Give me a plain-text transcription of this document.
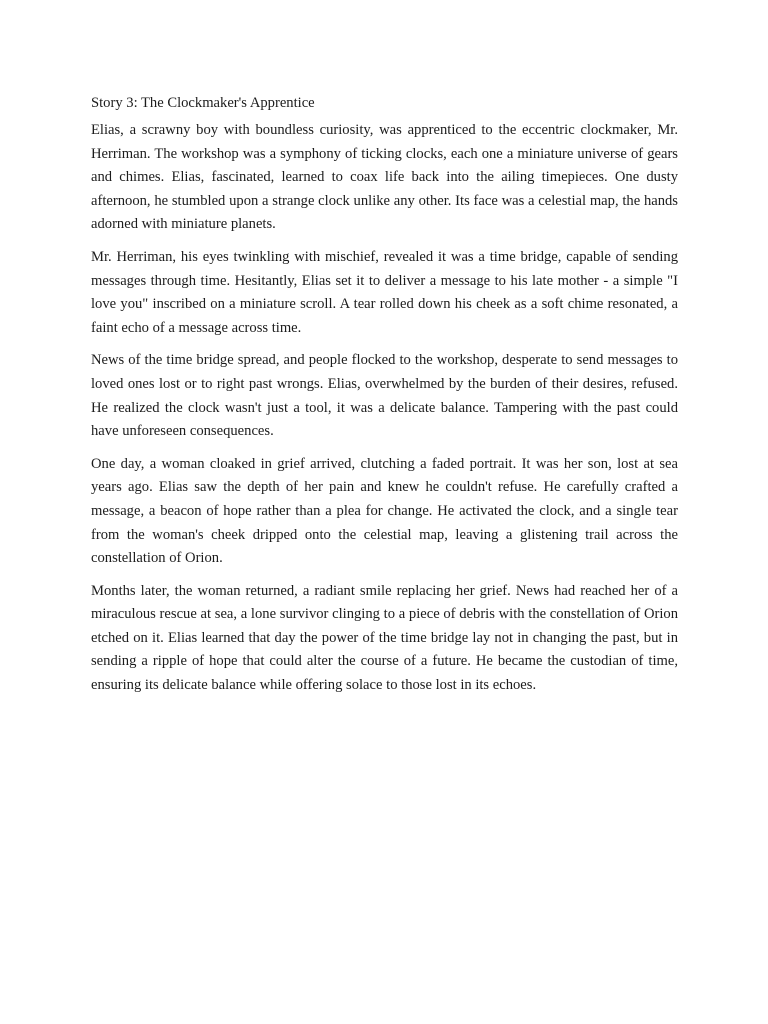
Story 3: The Clockmaker's Apprentice

Elias, a scrawny boy with boundless curiosity, was apprenticed to the eccentric clockmaker, Mr. Herriman. The workshop was a symphony of ticking clocks, each one a miniature universe of gears and chimes. Elias, fascinated, learned to coax life back into the ailing timepieces. One dusty afternoon, he stumbled upon a strange clock unlike any other. Its face was a celestial map, the hands adorned with miniature planets.

Mr. Herriman, his eyes twinkling with mischief, revealed it was a time bridge, capable of sending messages through time. Hesitantly, Elias set it to deliver a message to his late mother - a simple "I love you" inscribed on a miniature scroll. A tear rolled down his cheek as a soft chime resonated, a faint echo of a message across time.

News of the time bridge spread, and people flocked to the workshop, desperate to send messages to loved ones lost or to right past wrongs. Elias, overwhelmed by the burden of their desires, refused. He realized the clock wasn't just a tool, it was a delicate balance. Tampering with the past could have unforeseen consequences.

One day, a woman cloaked in grief arrived, clutching a faded portrait. It was her son, lost at sea years ago. Elias saw the depth of her pain and knew he couldn't refuse. He carefully crafted a message, a beacon of hope rather than a plea for change. He activated the clock, and a single tear from the woman's cheek dripped onto the celestial map, leaving a glistening trail across the constellation of Orion.

Months later, the woman returned, a radiant smile replacing her grief. News had reached her of a miraculous rescue at sea, a lone survivor clinging to a piece of debris with the constellation of Orion etched on it. Elias learned that day the power of the time bridge lay not in changing the past, but in sending a ripple of hope that could alter the course of a future. He became the custodian of time, ensuring its delicate balance while offering solace to those lost in its echoes.
